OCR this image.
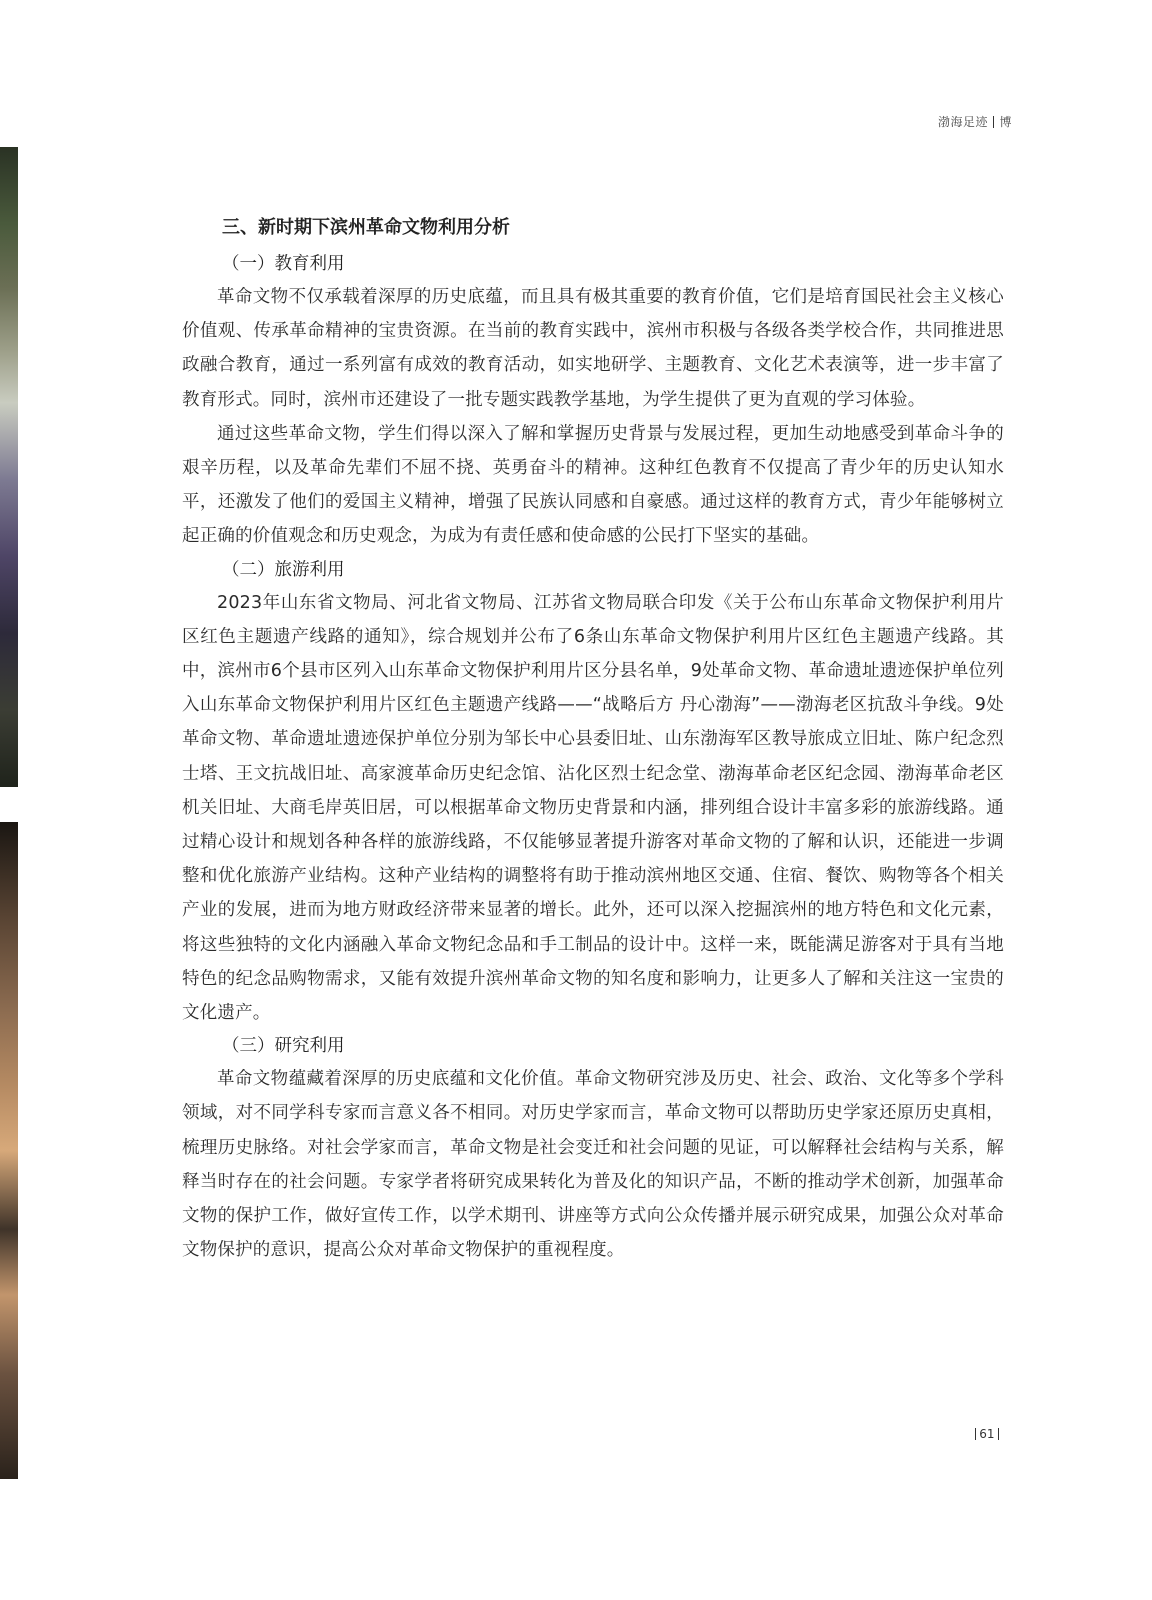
渤海足迹 博
三、新时期下滨州革命文物利用分析
（一）教育利用

革命文物不仅承载着深厚的历史底蕴，而且具有极其重要的教育价值，它们是培育国民社会主义核心价值观、传承革命精神的宝贵资源。在当前的教育实践中，滨州市积极与各级各类学校合作，共同推进思政融合教育，通过一系列富有成效的教育活动，如实地研学、主题教育、文化艺术表演等，进一步丰富了教育形式。同时，滨州市还建设了一批专题实践教学基地，为学生提供了更为直观的学习体验。

通过这些革命文物，学生们得以深入了解和掌握历史背景与发展过程，更加生动地感受到革命斗争的艰辛历程，以及革命先辈们不屈不挠、英勇奋斗的精神。这种红色教育不仅提高了青少年的历史认知水平，还激发了他们的爱国主义精神，增强了民族认同感和自豪感。通过这样的教育方式，青少年能够树立起正确的价值观念和历史观念，为成为有责任感和使命感的公民打下坚实的基础。

（二）旅游利用

2023年山东省文物局、河北省文物局、江苏省文物局联合印发《关于公布山东革命文物保护利用片区红色主题遗产线路的通知》，综合规划并公布了6条山东革命文物保护利用片区红色主题遗产线路。其中，滨州市6个县市区列入山东革命文物保护利用片区分县名单，9处革命文物、革命遗址遗迹保护单位列入山东革命文物保护利用片区红色主题遗产线路——“战略后方 丹心渤海”——渤海老区抗敌斗争线。9处革命文物、革命遗址遗迹保护单位分别为邹长中心县委旧址、山东渤海军区教导旅成立旧址、陈户纪念烈士塔、王文抗战旧址、高家渡革命历史纪念馆、沾化区烈士纪念堂、渤海革命老区纪念园、渤海革命老区机关旧址、大商毛岸英旧居，可以根据革命文物历史背景和内涵，排列组合设计丰富多彩的旅游线路。通过精心设计和规划各种各样的旅游线路，不仅能够显著提升游客对革命文物的了解和认识，还能进一步调整和优化旅游产业结构。这种产业结构的调整将有助于推动滨州地区交通、住宿、餐饮、购物等各个相关产业的发展，进而为地方财政经济带来显著的增长。此外，还可以深入挖掘滨州的地方特色和文化元素，将这些独特的文化内涵融入革命文物纪念品和手工制品的设计中。这样一来，既能满足游客对于具有当地特色的纪念品购物需求，又能有效提升滨州革命文物的知名度和影响力，让更多人了解和关注这一宝贵的文化遗产。

（三）研究利用

革命文物蕴藏着深厚的历史底蕴和文化价值。革命文物研究涉及历史、社会、政治、文化等多个学科领域，对不同学科专家而言意义各不相同。对历史学家而言，革命文物可以帮助历史学家还原历史真相，梳理历史脉络。对社会学家而言，革命文物是社会变迁和社会问题的见证，可以解释社会结构与关系，解释当时存在的社会问题。专家学者将研究成果转化为普及化的知识产品，不断的推动学术创新，加强革命文物的保护工作，做好宣传工作，以学术期刊、讲座等方式向公众传播并展示研究成果，加强公众对革命文物保护的意识，提高公众对革命文物保护的重视程度。

61
